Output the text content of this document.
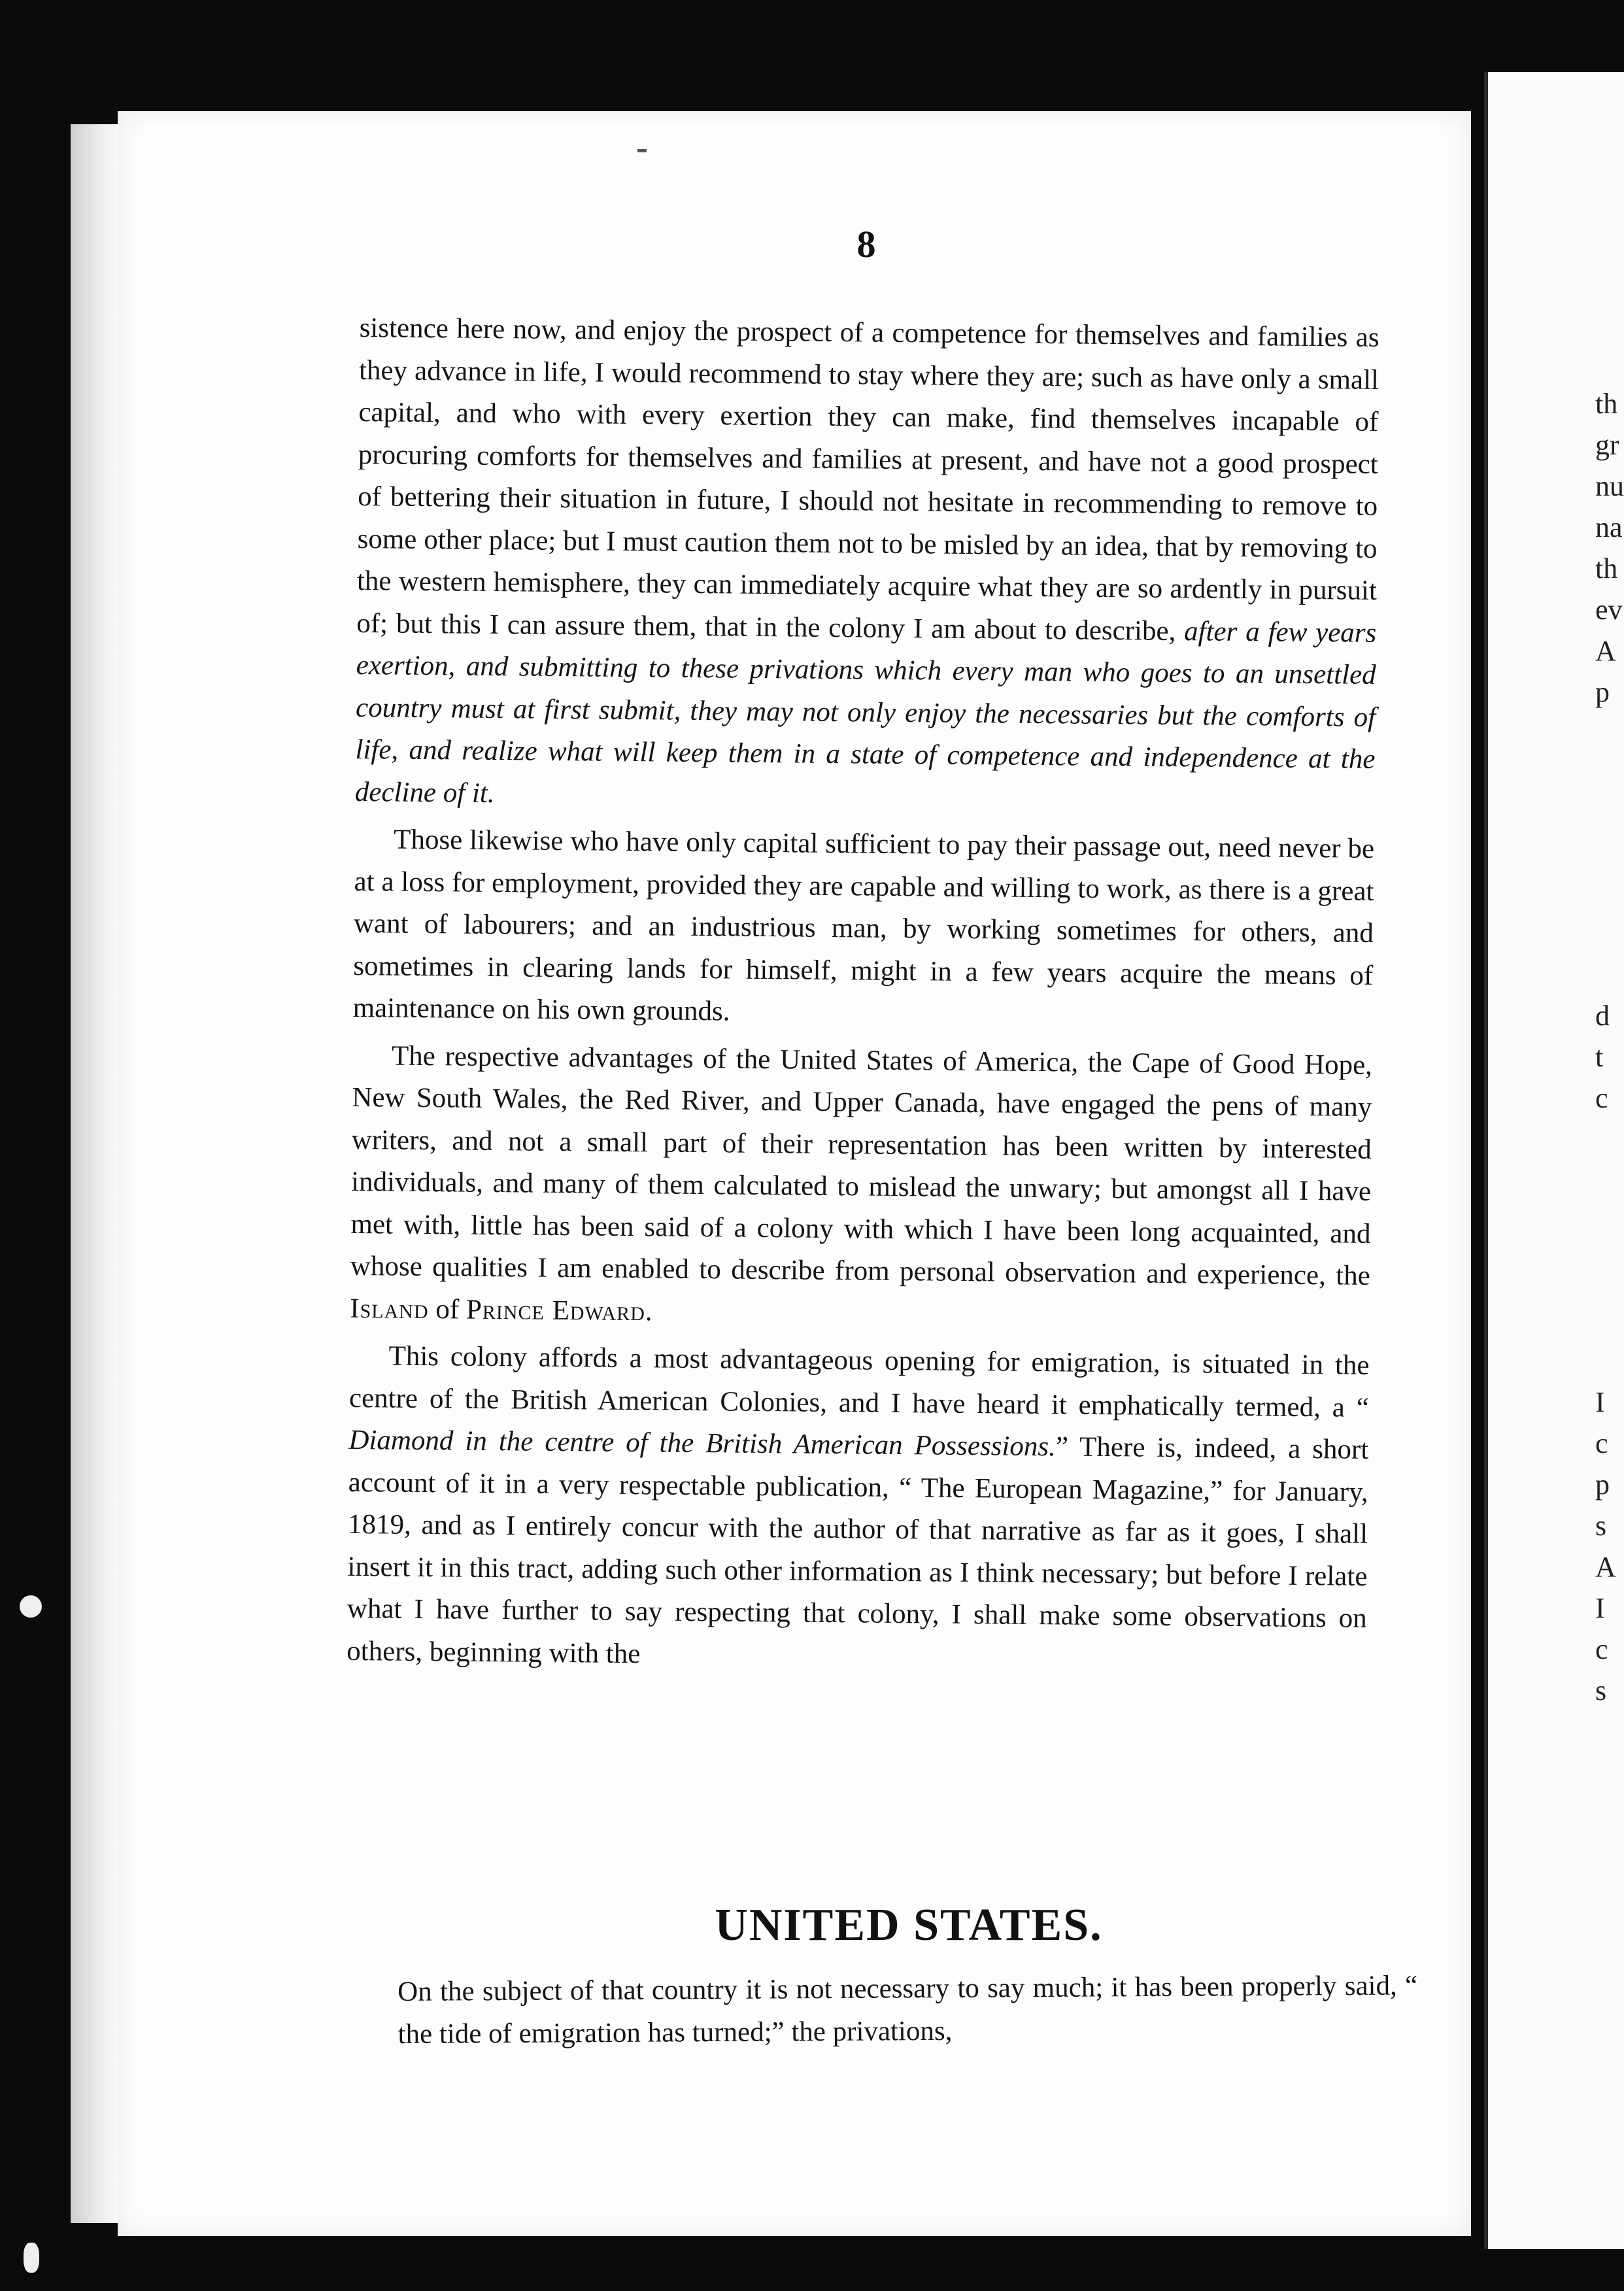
th
gr
nu
na
th
ev
A
p

d
t
c

I
c
p
s
A
I
c
s

8

sistence here now, and enjoy the prospect of a competence for themselves and families as they advance in life, I would recommend to stay where they are; such as have only a small capital, and who with every exertion they can make, find themselves incapable of procuring comforts for themselves and families at present, and have not a good prospect of bettering their situation in future, I should not hesitate in recommending to remove to some other place; but I must caution them not to be misled by an idea, that by removing to the western hemisphere, they can immediately acquire what they are so ardently in pursuit of; but this I can assure them, that in the colony I am about to describe, after a few years exertion, and submitting to these privations which every man who goes to an unsettled country must at first submit, they may not only enjoy the necessaries but the comforts of life, and realize what will keep them in a state of competence and independence at the decline of it.

Those likewise who have only capital sufficient to pay their passage out, need never be at a loss for employment, provided they are capable and willing to work, as there is a great want of labourers; and an industrious man, by working sometimes for others, and sometimes in clearing lands for himself, might in a few years acquire the means of maintenance on his own grounds.

The respective advantages of the United States of America, the Cape of Good Hope, New South Wales, the Red River, and Upper Canada, have engaged the pens of many writers, and not a small part of their representation has been written by interested individuals, and many of them calculated to mislead the unwary; but amongst all I have met with, little has been said of a colony with which I have been long acquainted, and whose qualities I am enabled to describe from personal observation and experience, the Island of Prince Edward.

This colony affords a most advantageous opening for emigration, is situated in the centre of the British American Colonies, and I have heard it emphatically termed, a “ Diamond in the centre of the British American Possessions.” There is, indeed, a short account of it in a very respectable publication, “ The European Magazine,” for January, 1819, and as I entirely concur with the author of that narrative as far as it goes, I shall insert it in this tract, adding such other information as I think necessary; but before I relate what I have further to say respecting that colony, I shall make some observations on others, beginning with the

UNITED STATES.

On the subject of that country it is not necessary to say much; it has been properly said, “ the tide of emigration has turned;” the privations,
